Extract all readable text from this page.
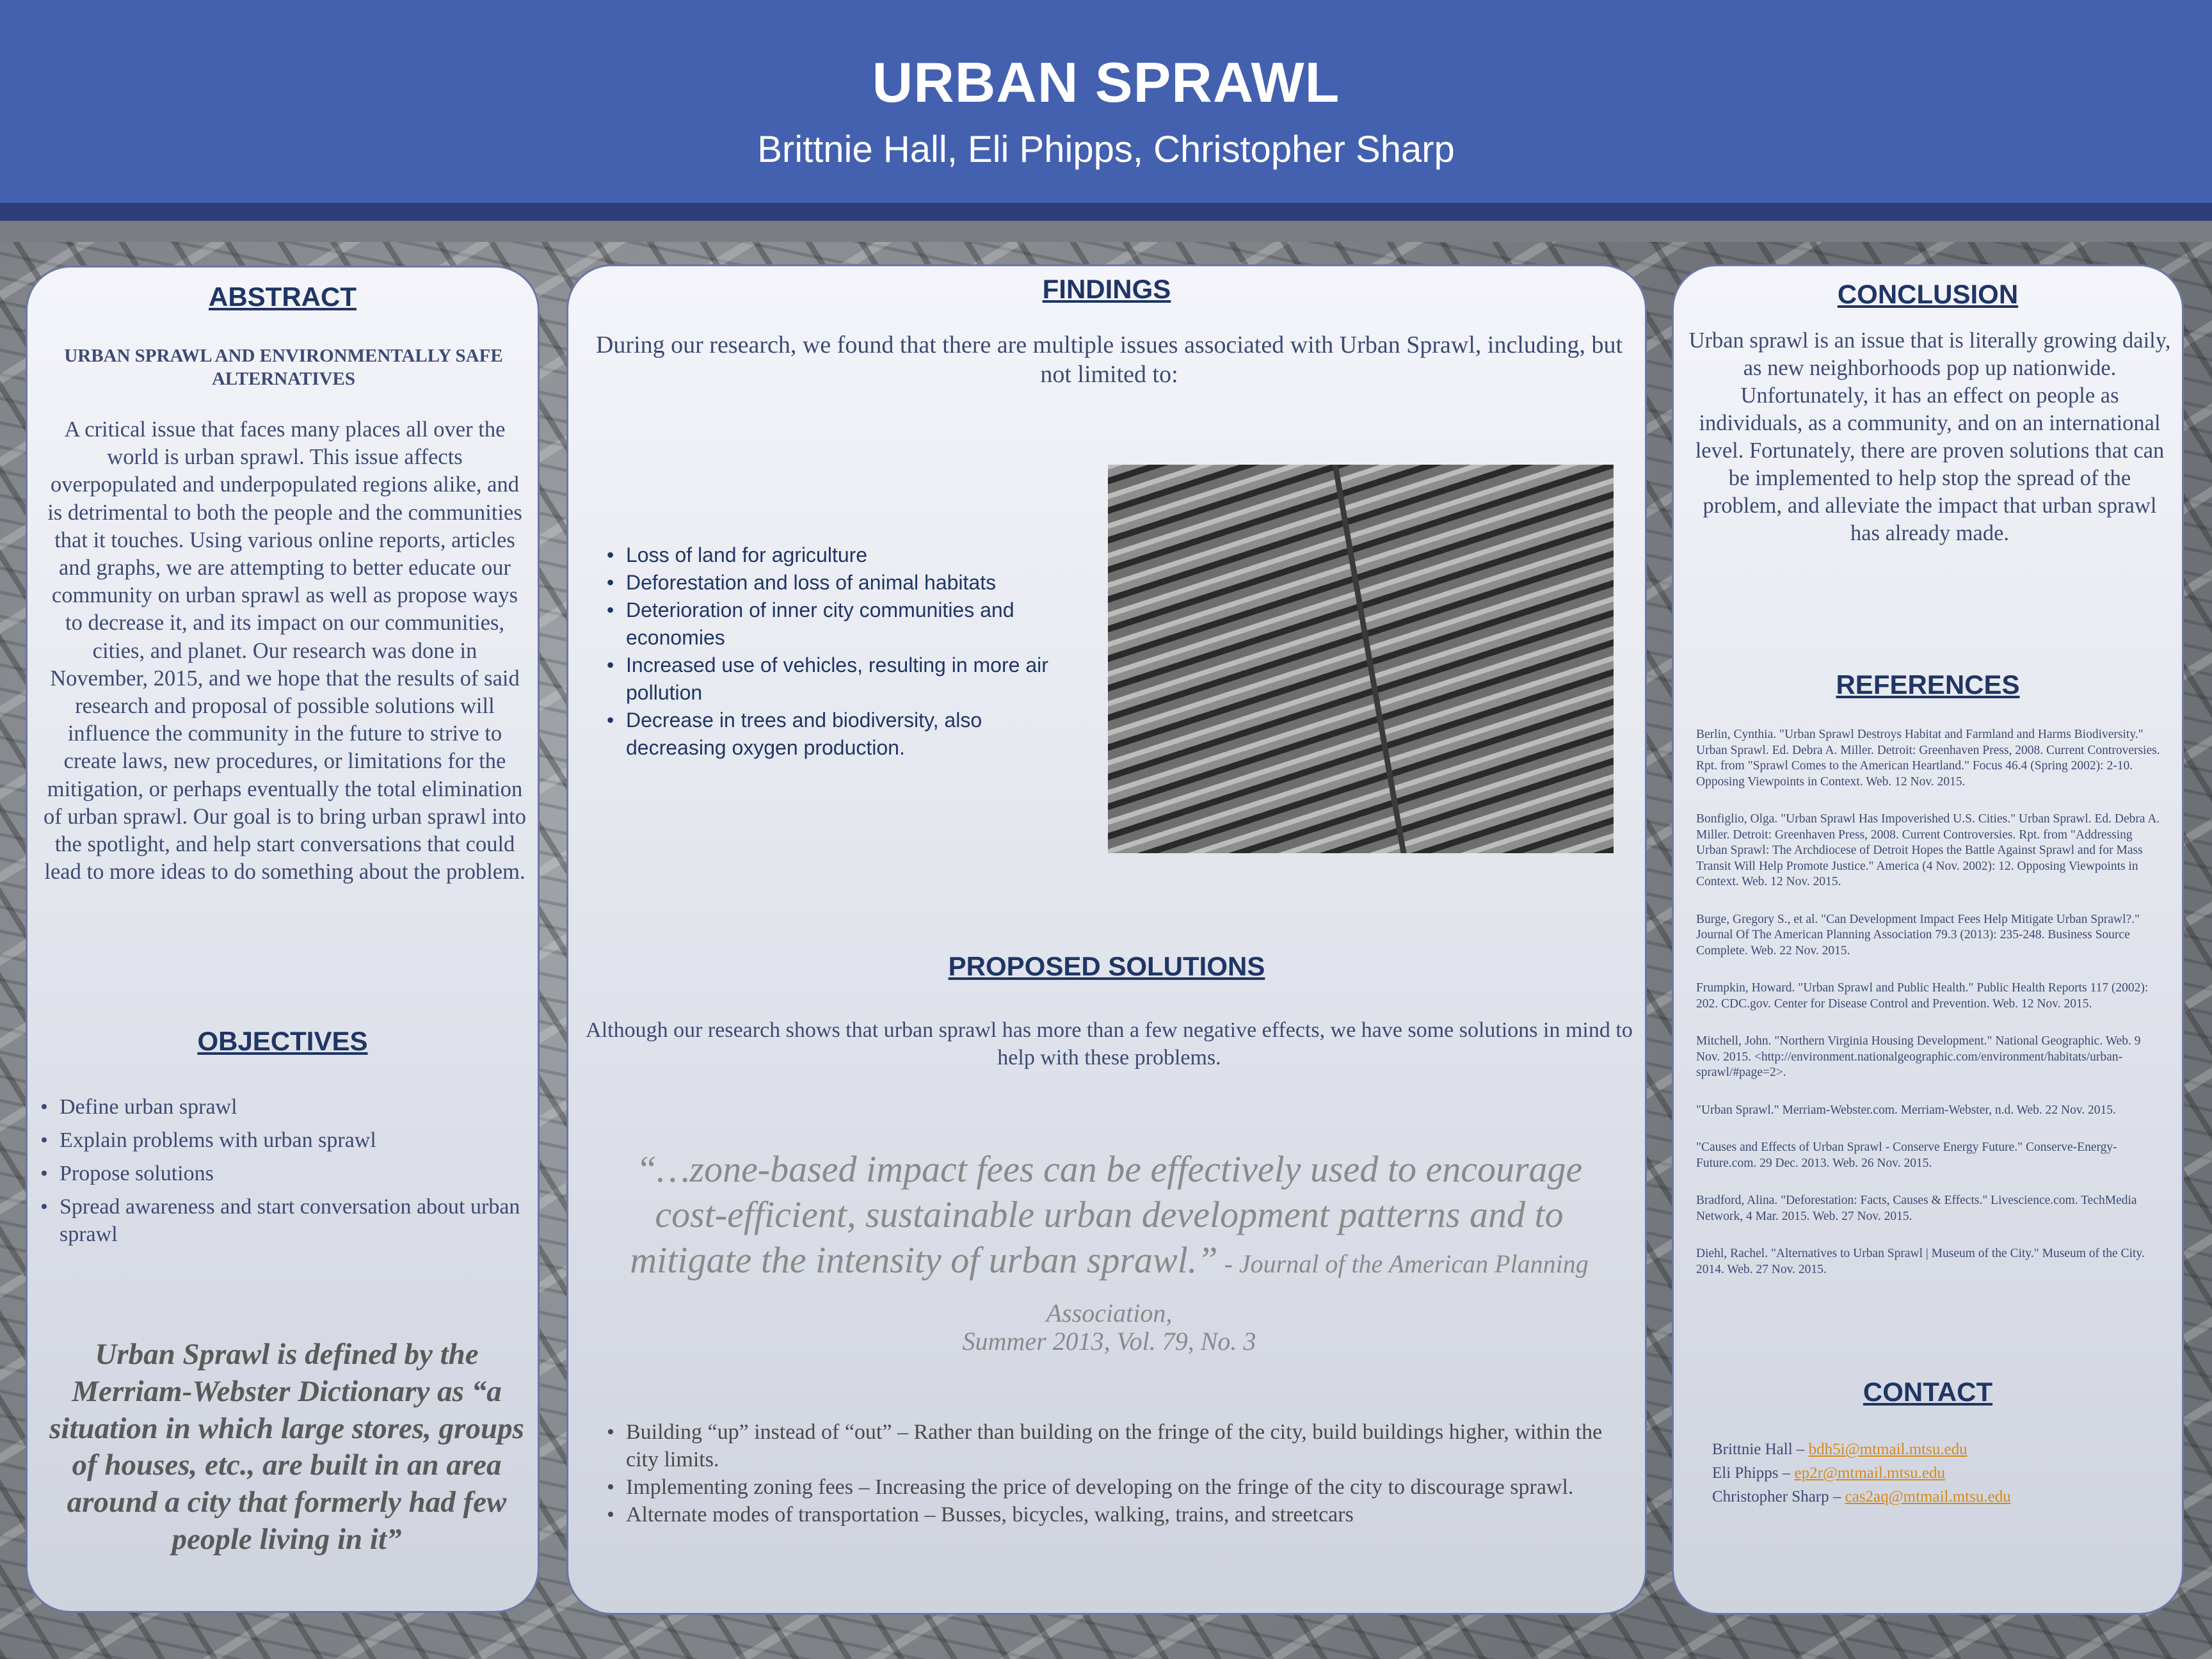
URBAN SPRAWL
Brittnie Hall, Eli Phipps, Christopher Sharp
ABSTRACT
URBAN SPRAWL AND ENVIRONMENTALLY SAFE ALTERNATIVES
A critical issue that faces many places all over the world is urban sprawl. This issue affects overpopulated and underpopulated regions alike, and is detrimental to both the people and the communities that it touches. Using various online reports, articles and graphs, we are attempting to better educate our community on urban sprawl as well as propose ways to decrease it, and its impact on our communities, cities, and planet. Our research was done in November, 2015, and we hope that the results of said research and proposal of possible solutions will influence the community in the future to strive to create laws, new procedures, or limitations for the mitigation, or perhaps eventually the total elimination of urban sprawl. Our goal is to bring urban sprawl into the spotlight, and help start conversations that could lead to more ideas to do something about the problem.
OBJECTIVES
• Define urban sprawl
• Explain problems with urban sprawl
• Propose solutions
• Spread awareness and start conversation about urban sprawl
Urban Sprawl is defined by the Merriam-Webster Dictionary as “a situation in which large stores, groups of houses, etc., are built in an area around a city that formerly had few people living in it”
FINDINGS
During our research, we found that there are multiple issues associated with Urban Sprawl, including, but not limited to:
• Loss of land for agriculture
• Deforestation and loss of animal habitats
• Deterioration of inner city communities and economies
• Increased use of vehicles, resulting in more air pollution
• Decrease in trees and biodiversity, also decreasing oxygen production.
PROPOSED SOLUTIONS
Although our research shows that urban sprawl has more than a few negative effects, we have some solutions in mind to help with these problems.
“…zone-based impact fees can be effectively used to encourage cost-efficient, sustainable urban development patterns and to mitigate the intensity of urban sprawl.” - Journal of the American Planning Association,
Summer 2013, Vol. 79, No. 3
• Building “up” instead of “out” – Rather than building on the fringe of the city, build buildings higher, within the city limits.
• Implementing zoning fees – Increasing the price of developing on the fringe of the city to discourage sprawl.
• Alternate modes of transportation – Busses, bicycles, walking, trains, and streetcars
CONCLUSION
Urban sprawl is an issue that is literally growing daily, as new neighborhoods pop up nationwide. Unfortunately, it has an effect on people as individuals, as a community, and on an international level. Fortunately, there are proven solutions that can be implemented to help stop the spread of the problem, and alleviate the impact that urban sprawl has already made.
REFERENCES

Berlin, Cynthia. "Urban Sprawl Destroys Habitat and Farmland and Harms Biodiversity." Urban Sprawl. Ed. Debra A. Miller. Detroit: Greenhaven Press, 2008. Current Controversies. Rpt. from "Sprawl Comes to the American Heartland." Focus 46.4 (Spring 2002): 2-10. Opposing Viewpoints in Context. Web. 12 Nov. 2015.

Bonfiglio, Olga. "Urban Sprawl Has Impoverished U.S. Cities." Urban Sprawl. Ed. Debra A. Miller. Detroit: Greenhaven Press, 2008. Current Controversies. Rpt. from "Addressing Urban Sprawl: The Archdiocese of Detroit Hopes the Battle Against Sprawl and for Mass Transit Will Help Promote Justice." America (4 Nov. 2002): 12. Opposing Viewpoints in Context. Web. 12 Nov. 2015.

Burge, Gregory S., et al. "Can Development Impact Fees Help Mitigate Urban Sprawl?." Journal Of The American Planning Association 79.3 (2013): 235-248. Business Source Complete. Web. 22 Nov. 2015.

Frumpkin, Howard. "Urban Sprawl and Public Health." Public Health Reports 117 (2002): 202. CDC.gov. Center for Disease Control and Prevention. Web. 12 Nov. 2015.

Mitchell, John. "Northern Virginia Housing Development." National Geographic. Web. 9 Nov. 2015. <http://environment.nationalgeographic.com/environment/habitats/urban-sprawl/#page=2>.

"Urban Sprawl." Merriam-Webster.com. Merriam-Webster, n.d. Web. 22 Nov. 2015.

"Causes and Effects of Urban Sprawl - Conserve Energy Future." Conserve-Energy-Future.com. 29 Dec. 2013. Web. 26 Nov. 2015.

Bradford, Alina. "Deforestation: Facts, Causes & Effects." Livescience.com. TechMedia Network, 4 Mar. 2015. Web. 27 Nov. 2015.

Diehl, Rachel. "Alternatives to Urban Sprawl | Museum of the City." Museum of the City. 2014. Web. 27 Nov. 2015.

CONTACT
Brittnie Hall – bdh5i@mtmail.mtsu.edu
Eli Phipps – ep2r@mtmail.mtsu.edu
Christopher Sharp – cas2aq@mtmail.mtsu.edu
